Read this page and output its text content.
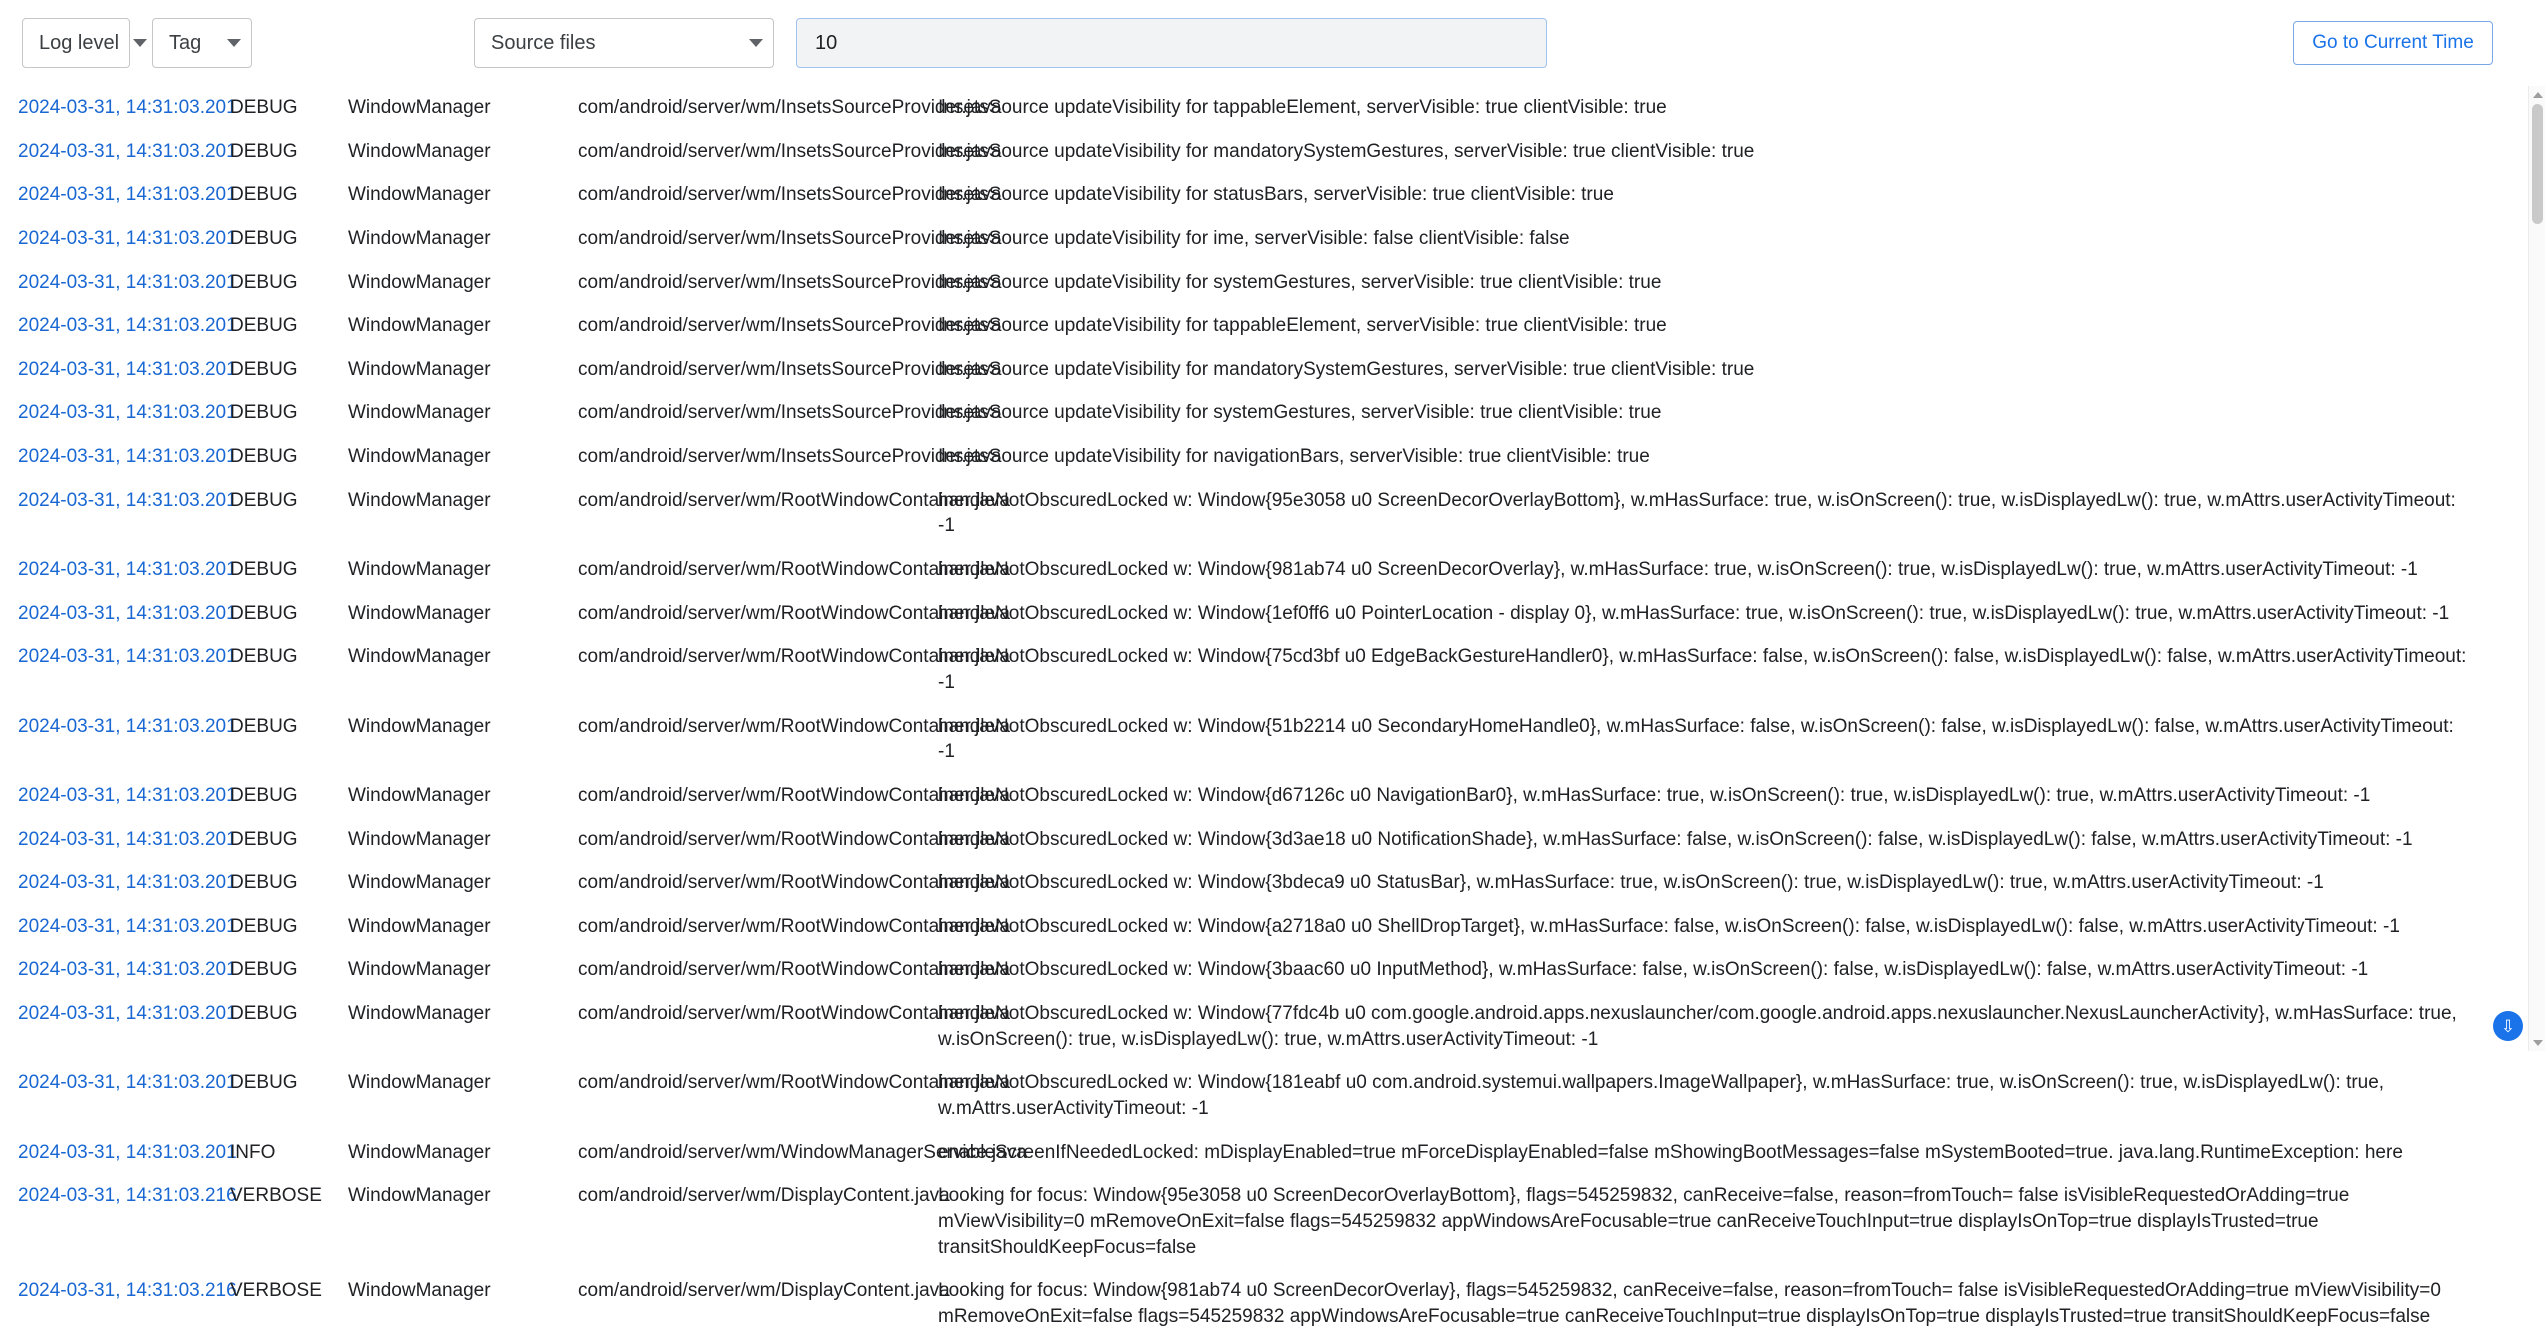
Log level Tag	Source files
10	Go to Current Time
2024-03-31, 14:31:03.201	DEBUG	WindowManager	com/android/server/wm/InsetsSourceProvider.java	InsetsSource updateVisibility for tappableElement, serverVisible: true clientVisible: true
2024-03-31, 14:31:03.201	DEBUG	WindowManager	com/android/server/wm/InsetsSourceProvider.java	InsetsSource updateVisibility for mandatorySystemGestures, serverVisible: true clientVisible: true
2024-03-31, 14:31:03.201	DEBUG	WindowManager	com/android/server/wm/InsetsSourceProvider.java	InsetsSource updateVisibility for statusBars, serverVisible: true clientVisible: true
2024-03-31, 14:31:03.201	DEBUG	WindowManager	com/android/server/wm/InsetsSourceProvider.java	InsetsSource updateVisibility for ime, serverVisible: false clientVisible: false
2024-03-31, 14:31:03.201	DEBUG	WindowManager	com/android/server/wm/InsetsSourceProvider.java	InsetsSource updateVisibility for systemGestures, serverVisible: true clientVisible: true
2024-03-31, 14:31:03.201	DEBUG	WindowManager	com/android/server/wm/InsetsSourceProvider.java	InsetsSource updateVisibility for tappableElement, serverVisible: true clientVisible: true
2024-03-31, 14:31:03.201	DEBUG	WindowManager	com/android/server/wm/InsetsSourceProvider.java	InsetsSource updateVisibility for mandatorySystemGestures, serverVisible: true clientVisible: true
2024-03-31, 14:31:03.201	DEBUG	WindowManager	com/android/server/wm/InsetsSourceProvider.java	InsetsSource updateVisibility for systemGestures, serverVisible: true clientVisible: true
2024-03-31, 14:31:03.201	DEBUG	WindowManager	com/android/server/wm/InsetsSourceProvider.java	InsetsSource updateVisibility for navigationBars, serverVisible: true clientVisible: true
2024-03-31, 14:31:03.201	DEBUG	WindowManager	com/android/server/wm/RootWindowContainer.java	handleNotObscuredLocked w: Window{95e3058 u0 ScreenDecorOverlayBottom}, w.mHasSurface: true, w.isOnScreen(): true, w.isDisplayedLw(): true, w.mAttrs.userActivityTimeout: -1
2024-03-31, 14:31:03.201	DEBUG	WindowManager	com/android/server/wm/RootWindowContainer.java	handleNotObscuredLocked w: Window{981ab74 u0 ScreenDecorOverlay}, w.mHasSurface: true, w.isOnScreen(): true, w.isDisplayedLw(): true, w.mAttrs.userActivityTimeout: -1
2024-03-31, 14:31:03.201	DEBUG	WindowManager	com/android/server/wm/RootWindowContainer.java	handleNotObscuredLocked w: Window{1ef0ff6 u0 PointerLocation - display 0}, w.mHasSurface: true, w.isOnScreen(): true, w.isDisplayedLw(): true, w.mAttrs.userActivityTimeout: -1
2024-03-31, 14:31:03.201	DEBUG	WindowManager	com/android/server/wm/RootWindowContainer.java	handleNotObscuredLocked w: Window{75cd3bf u0 EdgeBackGestureHandler0}, w.mHasSurface: false, w.isOnScreen(): false, w.isDisplayedLw(): false, w.mAttrs.userActivityTimeout: -1
2024-03-31, 14:31:03.201	DEBUG	WindowManager	com/android/server/wm/RootWindowContainer.java	handleNotObscuredLocked w: Window{51b2214 u0 SecondaryHomeHandle0}, w.mHasSurface: false, w.isOnScreen(): false, w.isDisplayedLw(): false, w.mAttrs.userActivityTimeout: -1
2024-03-31, 14:31:03.201	DEBUG	WindowManager	com/android/server/wm/RootWindowContainer.java	handleNotObscuredLocked w: Window{d67126c u0 NavigationBar0}, w.mHasSurface: true, w.isOnScreen(): true, w.isDisplayedLw(): true, w.mAttrs.userActivityTimeout: -1
2024-03-31, 14:31:03.201	DEBUG	WindowManager	com/android/server/wm/RootWindowContainer.java	handleNotObscuredLocked w: Window{3d3ae18 u0 NotificationShade}, w.mHasSurface: false, w.isOnScreen(): false, w.isDisplayedLw(): false, w.mAttrs.userActivityTimeout: -1
2024-03-31, 14:31:03.201	DEBUG	WindowManager	com/android/server/wm/RootWindowContainer.java	handleNotObscuredLocked w: Window{3bdeca9 u0 StatusBar}, w.mHasSurface: true, w.isOnScreen(): true, w.isDisplayedLw(): true, w.mAttrs.userActivityTimeout: -1
2024-03-31, 14:31:03.201	DEBUG	WindowManager	com/android/server/wm/RootWindowContainer.java	handleNotObscuredLocked w: Window{a2718a0 u0 ShellDropTarget}, w.mHasSurface: false, w.isOnScreen(): false, w.isDisplayedLw(): false, w.mAttrs.userActivityTimeout: -1
2024-03-31, 14:31:03.201	DEBUG	WindowManager	com/android/server/wm/RootWindowContainer.java	handleNotObscuredLocked w: Window{3baac60 u0 InputMethod}, w.mHasSurface: false, w.isOnScreen(): false, w.isDisplayedLw(): false, w.mAttrs.userActivityTimeout: -1
2024-03-31, 14:31:03.201	DEBUG	WindowManager	com/android/server/wm/RootWindowContainer.java	handleNotObscuredLocked w: Window{77fdc4b u0 com.google.android.apps.nexuslauncher/com.google.android.apps.nexuslauncher.NexusLauncherActivity}, w.mHasSurface: true, w.isOnScreen(): true, w.isDisplayedLw(): true, w.mAttrs.userActivityTimeout: -1
2024-03-31, 14:31:03.201	DEBUG	WindowManager	com/android/server/wm/RootWindowContainer.java	handleNotObscuredLocked w: Window{181eabf u0 com.android.systemui.wallpapers.ImageWallpaper}, w.mHasSurface: true, w.isOnScreen(): true, w.isDisplayedLw(): true, w.mAttrs.userActivityTimeout: -1
2024-03-31, 14:31:03.201	INFO	WindowManager	com/android/server/wm/WindowManagerService.java	enableScreenIfNeededLocked: mDisplayEnabled=true mForceDisplayEnabled=false mShowingBootMessages=false mSystemBooted=true. java.lang.RuntimeException: here
2024-03-31, 14:31:03.216	VERBOSE	WindowManager	com/android/server/wm/DisplayContent.java	Looking for focus: Window{95e3058 u0 ScreenDecorOverlayBottom}, flags=545259832, canReceive=false, reason=fromTouch= false isVisibleRequestedOrAdding=true mViewVisibility=0 mRemoveOnExit=false flags=545259832 appWindowsAreFocusable=true canReceiveTouchInput=true displayIsOnTop=true displayIsTrusted=true transitShouldKeepFocus=false
2024-03-31, 14:31:03.216	VERBOSE	WindowManager	com/android/server/wm/DisplayContent.java	Looking for focus: Window{981ab74 u0 ScreenDecorOverlay}, flags=545259832, canReceive=false, reason=fromTouch= false isVisibleRequestedOrAdding=true mViewVisibility=0 mRemoveOnExit=false flags=545259832 appWindowsAreFocusable=true canReceiveTouchInput=true displayIsOnTop=true displayIsTrusted=true transitShouldKeepFocus=false
⇩
